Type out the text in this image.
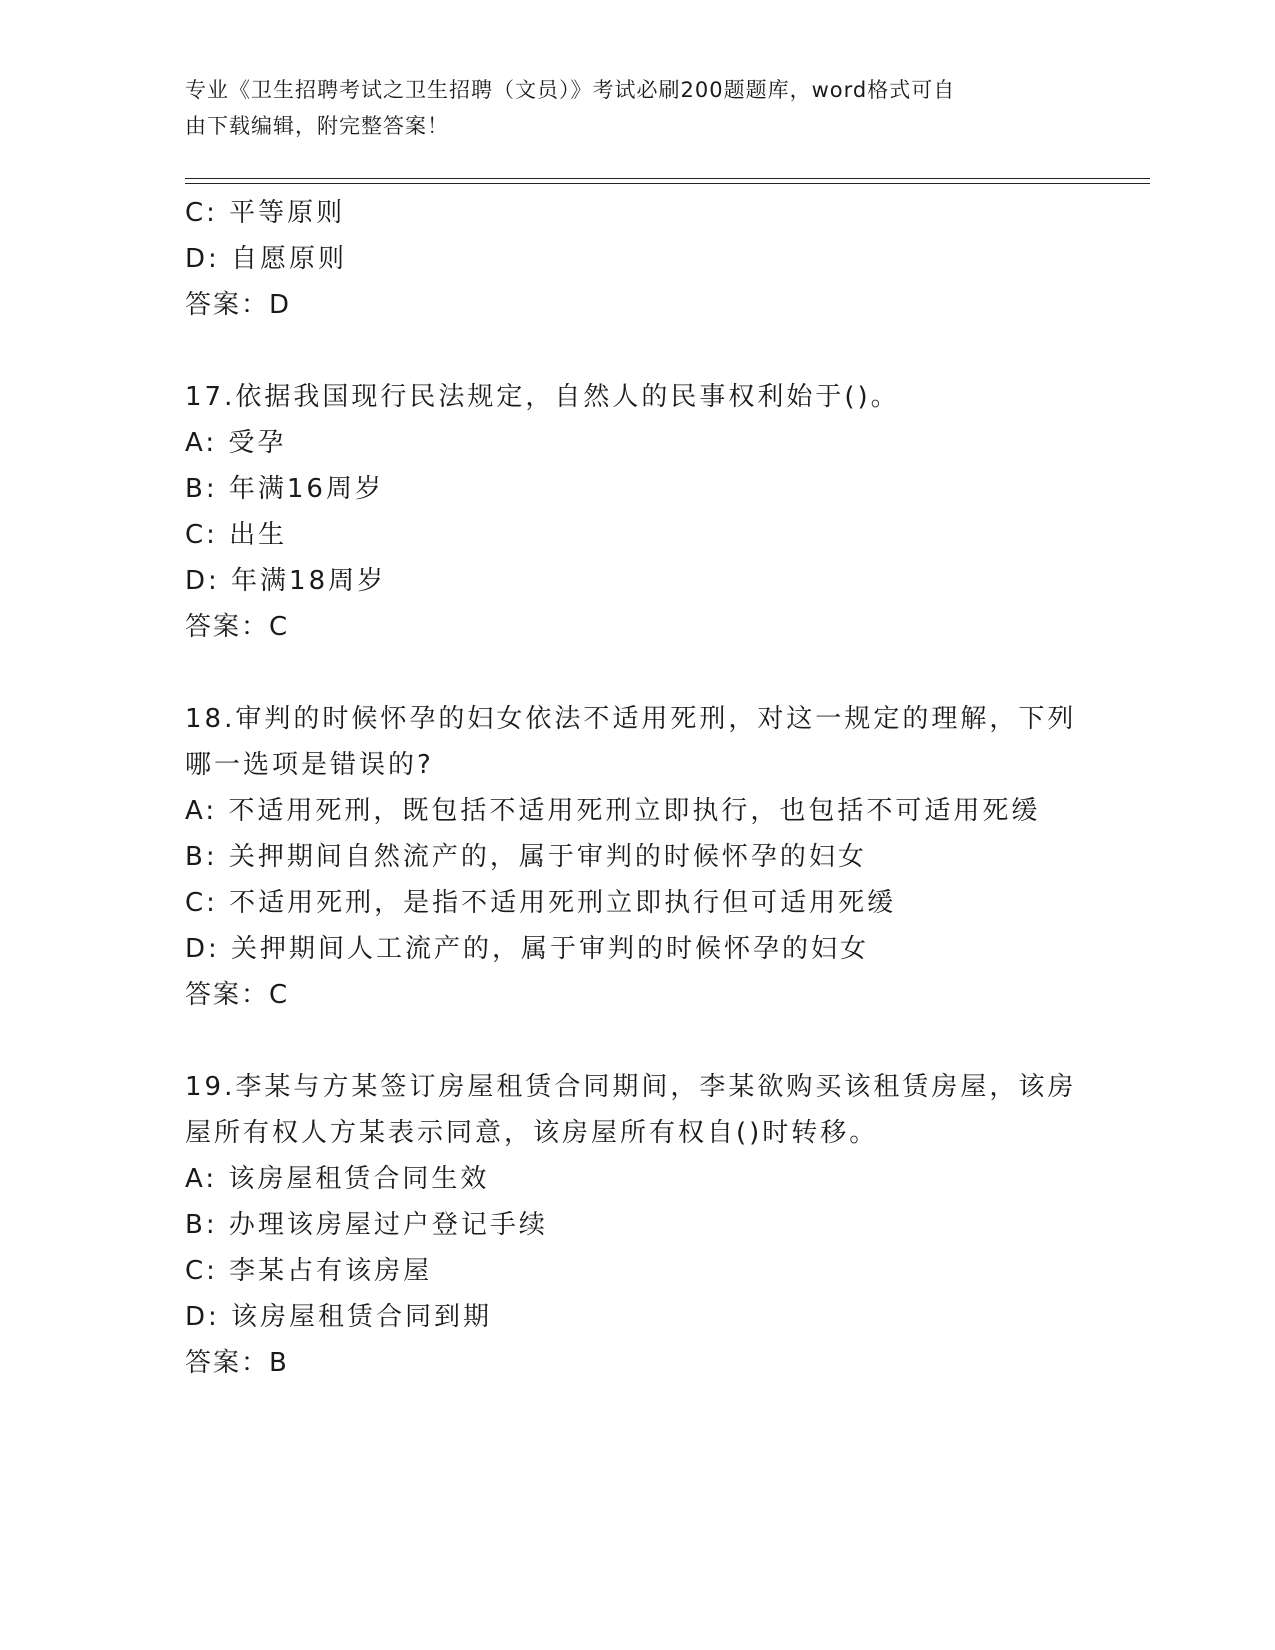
专业《卫生招聘考试之卫生招聘（文员）》考试必刷200题题库，word格式可自
由下载编辑，附完整答案！
C: 平等原则
D: 自愿原则
答案：D
17.依据我国现行民法规定，自然人的民事权利始于()。
A: 受孕
B: 年满16周岁
C: 出生
D: 年满18周岁
答案：C
18.审判的时候怀孕的妇女依法不适用死刑，对这一规定的理解，下列
哪一选项是错误的?
A: 不适用死刑，既包括不适用死刑立即执行，也包括不可适用死缓
B: 关押期间自然流产的，属于审判的时候怀孕的妇女
C: 不适用死刑，是指不适用死刑立即执行但可适用死缓
D: 关押期间人工流产的，属于审判的时候怀孕的妇女
答案：C
19.李某与方某签订房屋租赁合同期间，李某欲购买该租赁房屋，该房
屋所有权人方某表示同意，该房屋所有权自()时转移。
A: 该房屋租赁合同生效
B: 办理该房屋过户登记手续
C: 李某占有该房屋
D: 该房屋租赁合同到期
答案：B
